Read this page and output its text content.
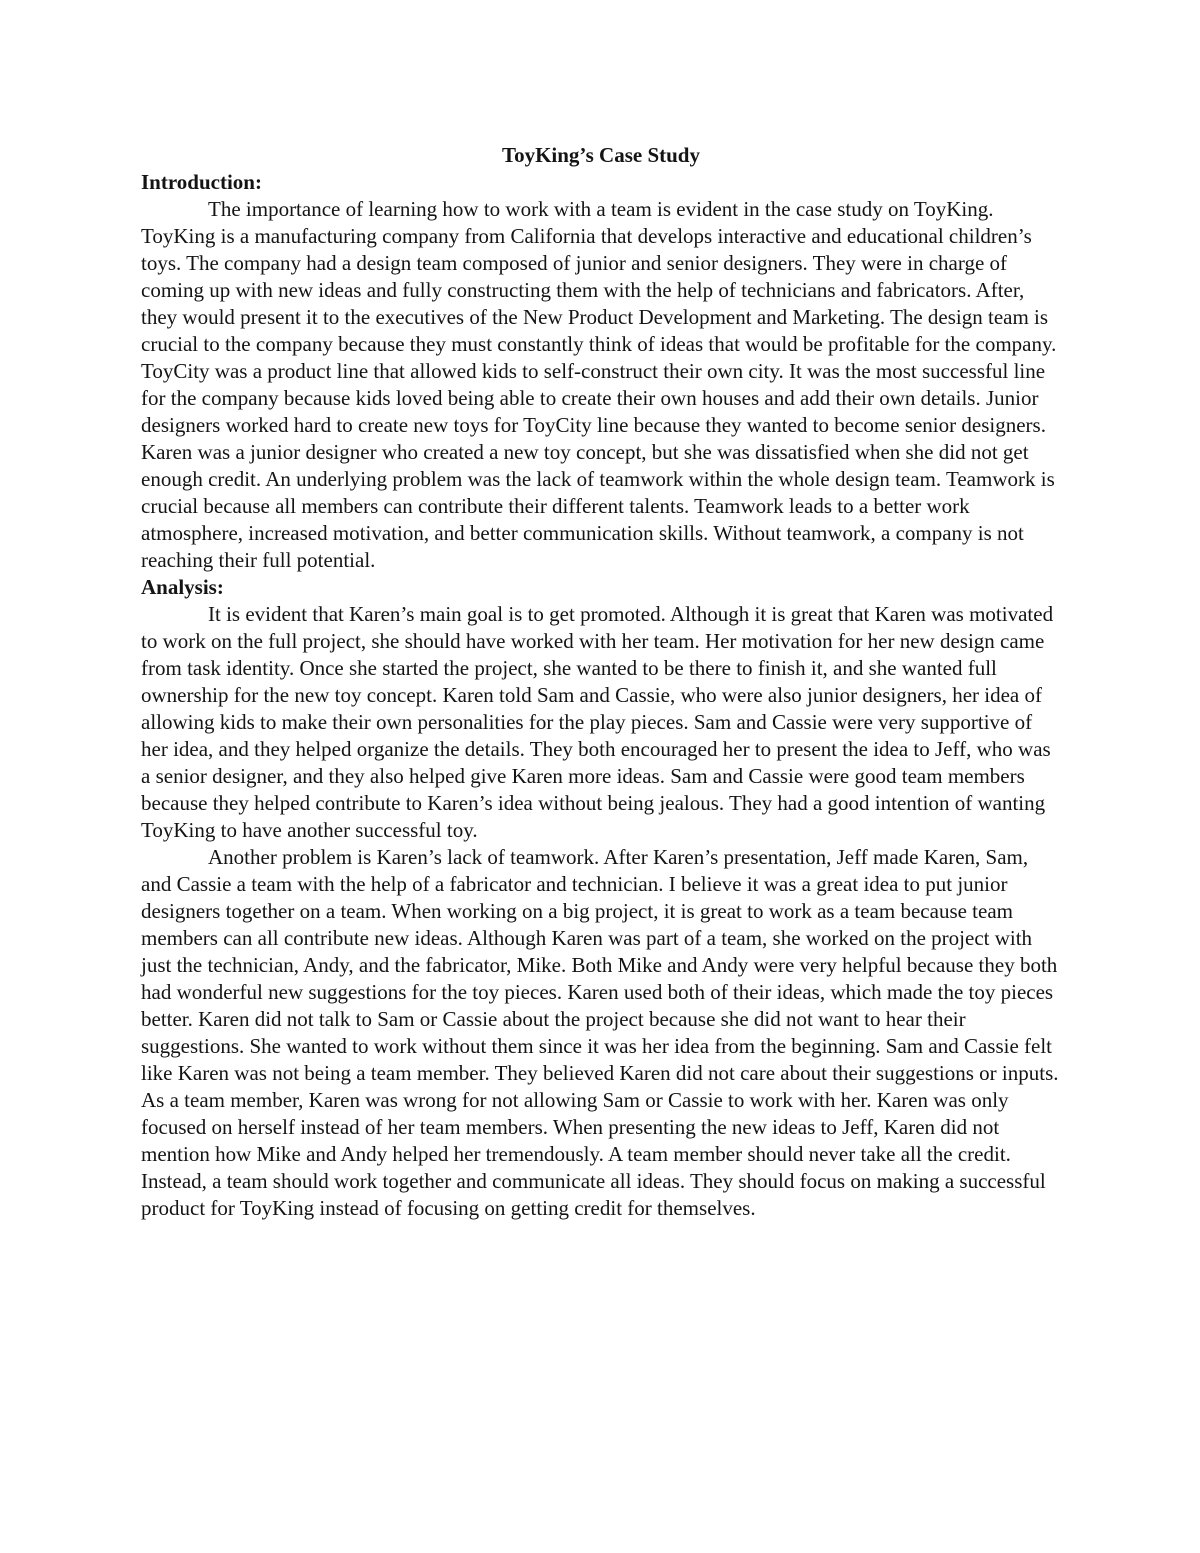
ToyKing’s Case Study
Introduction:

The importance of learning how to work with a team is evident in the case study on ToyKing. ToyKing is a manufacturing company from California that develops interactive and educational children’s toys. The company had a design team composed of junior and senior designers. They were in charge of coming up with new ideas and fully constructing them with the help of technicians and fabricators. After, they would present it to the executives of the New Product Development and Marketing. The design team is crucial to the company because they must constantly think of ideas that would be profitable for the company. ToyCity was a product line that allowed kids to self-construct their own city. It was the most successful line for the company because kids loved being able to create their own houses and add their own details. Junior designers worked hard to create new toys for ToyCity line because they wanted to become senior designers. Karen was a junior designer who created a new toy concept, but she was dissatisfied when she did not get enough credit. An underlying problem was the lack of teamwork within the whole design team. Teamwork is crucial because all members can contribute their different talents. Teamwork leads to a better work atmosphere, increased motivation, and better communication skills. Without teamwork, a company is not reaching their full potential.

Analysis:

It is evident that Karen’s main goal is to get promoted. Although it is great that Karen was motivated to work on the full project, she should have worked with her team. Her motivation for her new design came from task identity. Once she started the project, she wanted to be there to finish it, and she wanted full ownership for the new toy concept. Karen told Sam and Cassie, who were also junior designers, her idea of allowing kids to make their own personalities for the play pieces. Sam and Cassie were very supportive of her idea, and they helped organize the details. They both encouraged her to present the idea to Jeff, who was a senior designer, and they also helped give Karen more ideas. Sam and Cassie were good team members because they helped contribute to Karen’s idea without being jealous. They had a good intention of wanting ToyKing to have another successful toy.

Another problem is Karen’s lack of teamwork. After Karen’s presentation, Jeff made Karen, Sam, and Cassie a team with the help of a fabricator and technician. I believe it was a great idea to put junior designers together on a team. When working on a big project, it is great to work as a team because team members can all contribute new ideas. Although Karen was part of a team, she worked on the project with just the technician, Andy, and the fabricator, Mike. Both Mike and Andy were very helpful because they both had wonderful new suggestions for the toy pieces. Karen used both of their ideas, which made the toy pieces better. Karen did not talk to Sam or Cassie about the project because she did not want to hear their suggestions. She wanted to work without them since it was her idea from the beginning. Sam and Cassie felt like Karen was not being a team member. They believed Karen did not care about their suggestions or inputs. As a team member, Karen was wrong for not allowing Sam or Cassie to work with her. Karen was only focused on herself instead of her team members. When presenting the new ideas to Jeff, Karen did not mention how Mike and Andy helped her tremendously. A team member should never take all the credit. Instead, a team should work together and communicate all ideas. They should focus on making a successful product for ToyKing instead of focusing on getting credit for themselves.
